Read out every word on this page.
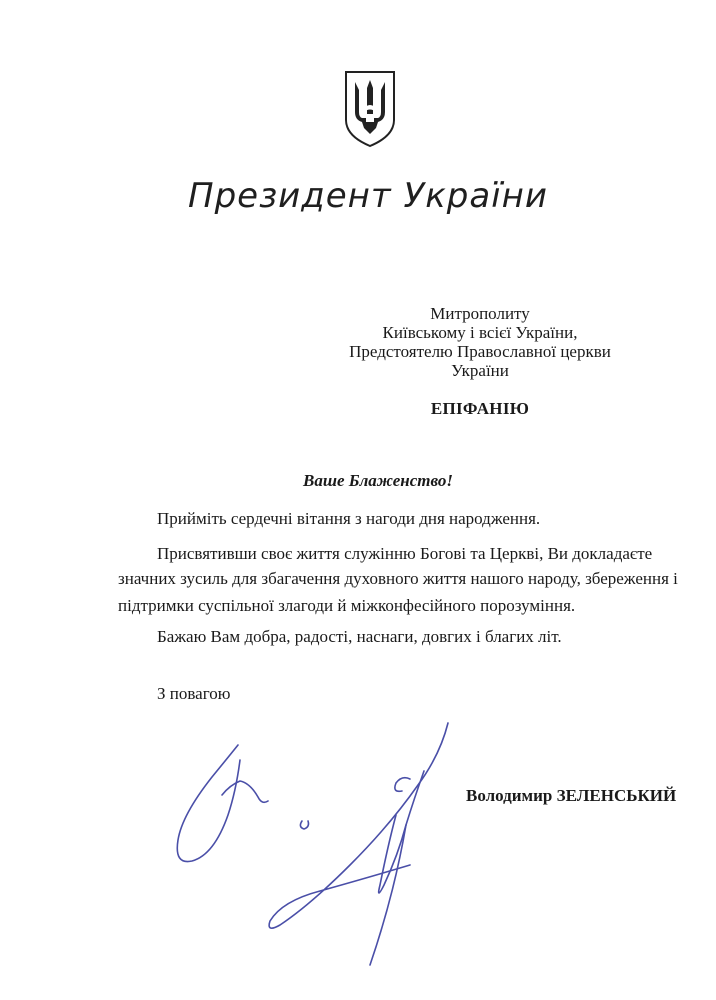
Президент України
Митрополиту
Київському і всієї України,
Предстоятелю Православної церкви
України
ЕПІФАНІЮ
Ваше Блаженство!
Прийміть сердечні вітання з нагоди дня народження.
Присвятивши своє життя служінню Богові та Церкві, Ви докладаєте
значних зусиль для збагачення духовного життя нашого народу, збереження і
підтримки суспільної злагоди й міжконфесійного порозуміння.
Бажаю Вам добра, радості, наснаги, довгих і благих літ.
З повагою
Володимир ЗЕЛЕНСЬКИЙ
